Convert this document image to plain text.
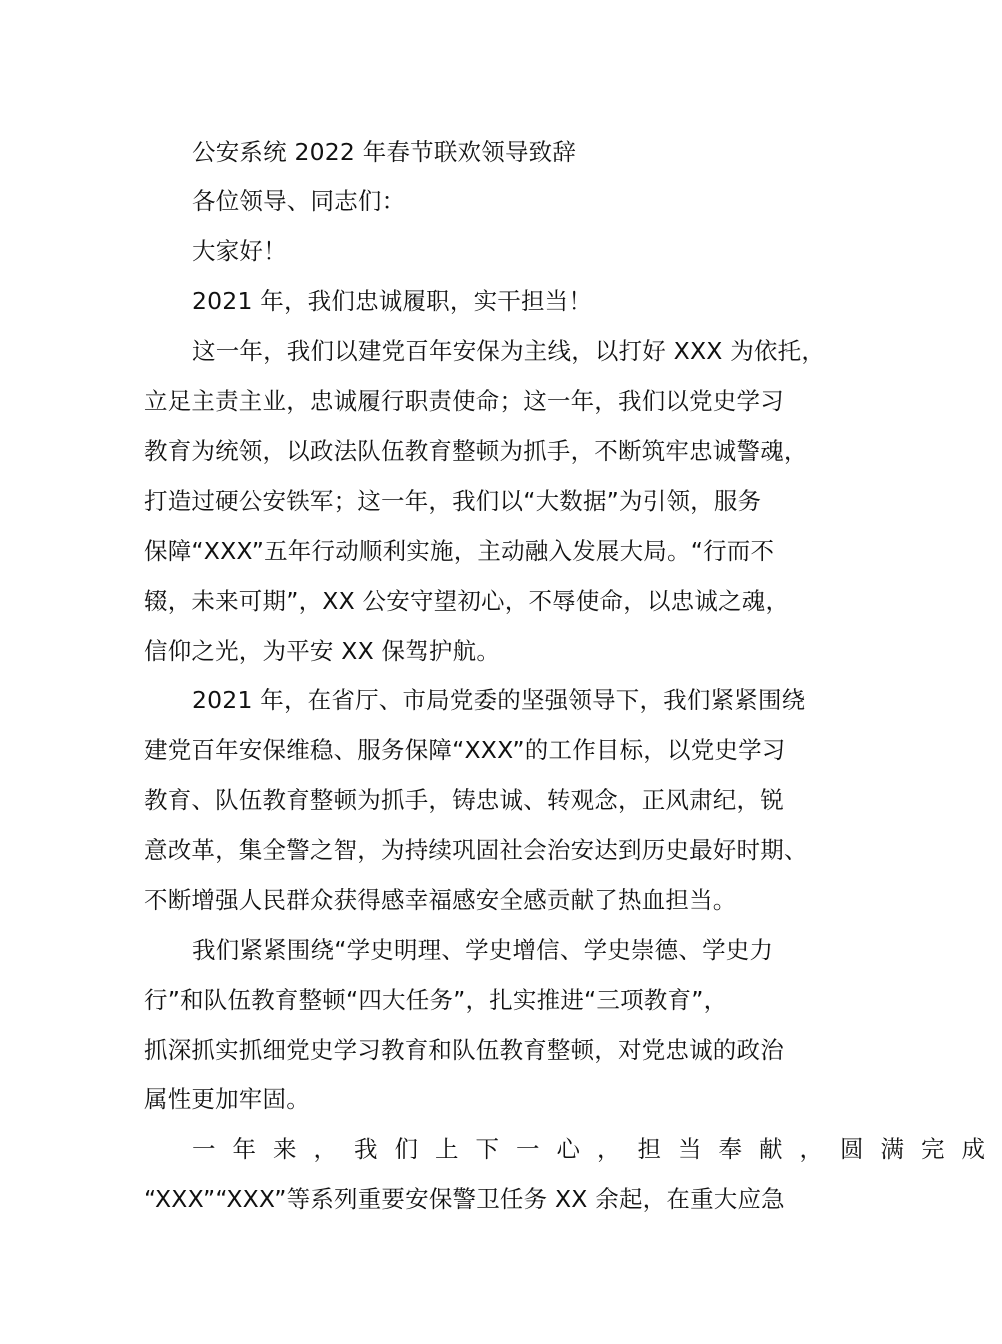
公安系统 2022 年春节联欢领导致辞
各位领导、同志们：
大家好！
2021 年，我们忠诚履职，实干担当！
这一年，我们以建党百年安保为主线，以打好 XXX 为依托，
立足主责主业，忠诚履行职责使命；这一年，我们以党史学习
教育为统领，以政法队伍教育整顿为抓手，不断筑牢忠诚警魂，
打造过硬公安铁军；这一年，我们以“大数据”为引领，服务
保障“XXX”五年行动顺利实施，主动融入发展大局。“行而不
辍，未来可期”，XX 公安守望初心，不辱使命，以忠诚之魂，
信仰之光，为平安 XX 保驾护航。
2021 年，在省厅、市局党委的坚强领导下，我们紧紧围绕
建党百年安保维稳、服务保障“XXX”的工作目标，以党史学习
教育、队伍教育整顿为抓手，铸忠诚、转观念，正风肃纪，锐
意改革，集全警之智，为持续巩固社会治安达到历史最好时期、
不断增强人民群众获得感幸福感安全感贡献了热血担当。
我们紧紧围绕“学史明理、学史增信、学史崇德、学史力
行”和队伍教育整顿“四大任务”，扎实推进“三项教育”，
抓深抓实抓细党史学习教育和队伍教育整顿，对党忠诚的政治
属性更加牢固。
一年来，我们上下一心，担当奉献，圆满完成
“XXX”“XXX”等系列重要安保警卫任务 XX 余起，在重大应急
